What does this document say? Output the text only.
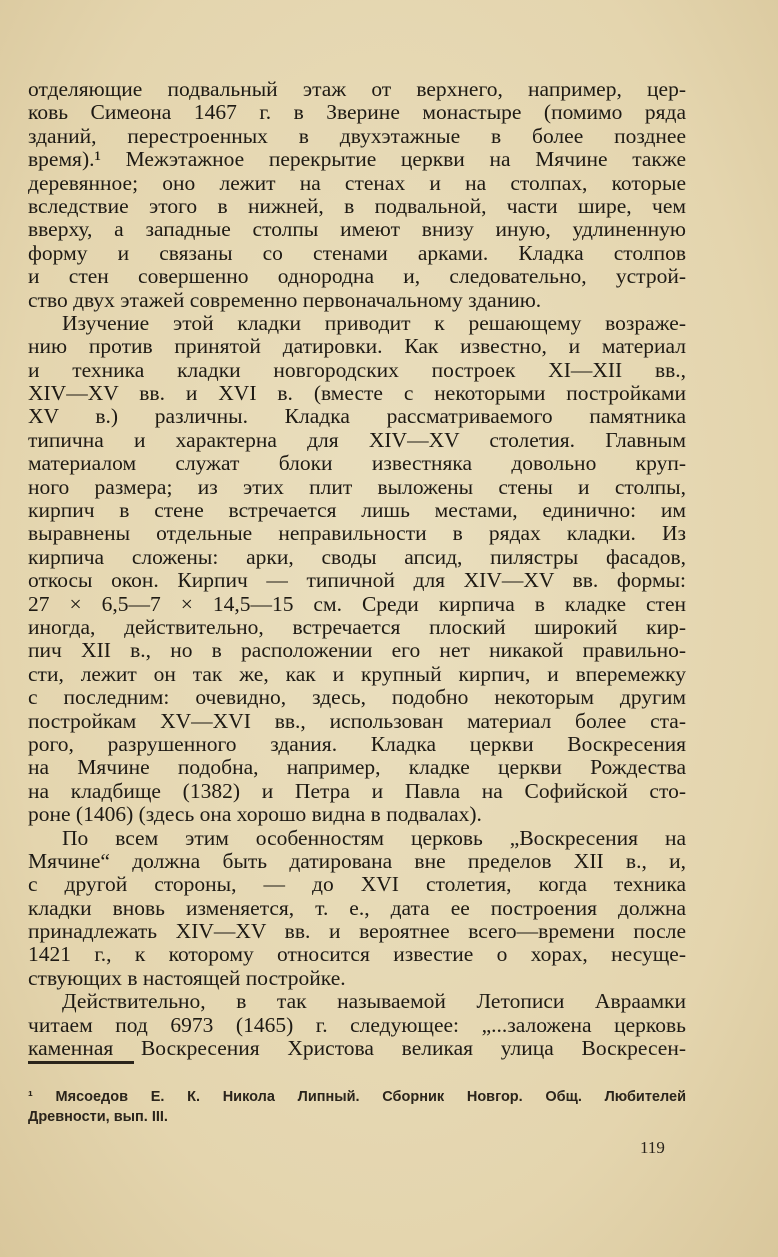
отделяющие подвальный этаж от верхнего, например, цер-
ковь Симеона 1467 г. в Зверине монастыре (помимо ряда
зданий, перестроенных в двухэтажные в более позднее
время).¹ Межэтажное перекрытие церкви на Мячине также
деревянное; оно лежит на стенах и на столпах, которые
вследствие этого в нижней, в подвальной, части шире, чем
вверху, а западные столпы имеют внизу иную, удлиненную
форму и связаны со стенами арками. Кладка столпов
и стен совершенно однородна и, следовательно, устрой-
ство двух этажей современно первоначальному зданию.
Изучение этой кладки приводит к решающему возраже-
нию против принятой датировки. Как известно, и материал
и техника кладки новгородских построек XI—XII вв.,
XIV—XV вв. и XVI в. (вместе с некоторыми постройками
XV в.) различны. Кладка рассматриваемого памятника
типична и характерна для XIV—XV столетия. Главным
материалом служат блоки известняка довольно круп-
ного размера; из этих плит выложены стены и столпы,
кирпич в стене встречается лишь местами, единично: им
выравнены отдельные неправильности в рядах кладки. Из
кирпича сложены: арки, своды апсид, пилястры фасадов,
откосы окон. Кирпич — типичной для XIV—XV вв. формы:
27 × 6,5—7 × 14,5—15 см. Среди кирпича в кладке стен
иногда, действительно, встречается плоский широкий кир-
пич XII в., но в расположении его нет никакой правильно-
сти, лежит он так же, как и крупный кирпич, и вперемежку
с последним: очевидно, здесь, подобно некоторым другим
постройкам XV—XVI вв., использован материал более ста-
рого, разрушенного здания. Кладка церкви Воскресения
на Мячине подобна, например, кладке церкви Рождества
на кладбище (1382) и Петра и Павла на Софийской сто-
роне (1406) (здесь она хорошо видна в подвалах).
По всем этим особенностям церковь „Воскресения на
Мячине“ должна быть датирована вне пределов XII в., и,
с другой стороны, — до XVI столетия, когда техника
кладки вновь изменяется, т. е., дата ее построения должна
принадлежать XIV—XV вв. и вероятнее всего—времени после
1421 г., к которому относится известие о хорах, несуще-
ствующих в настоящей постройке.
Действительно, в так называемой Летописи Авраамки
читаем под 6973 (1465) г. следующее: „...заложена церковь
каменная Воскресения Христова великая улица Воскресен-
¹ Мясоедов Е. К. Никола Липный. Сборник Новгор. Общ. Любителей
Древности, вып. III.
119
